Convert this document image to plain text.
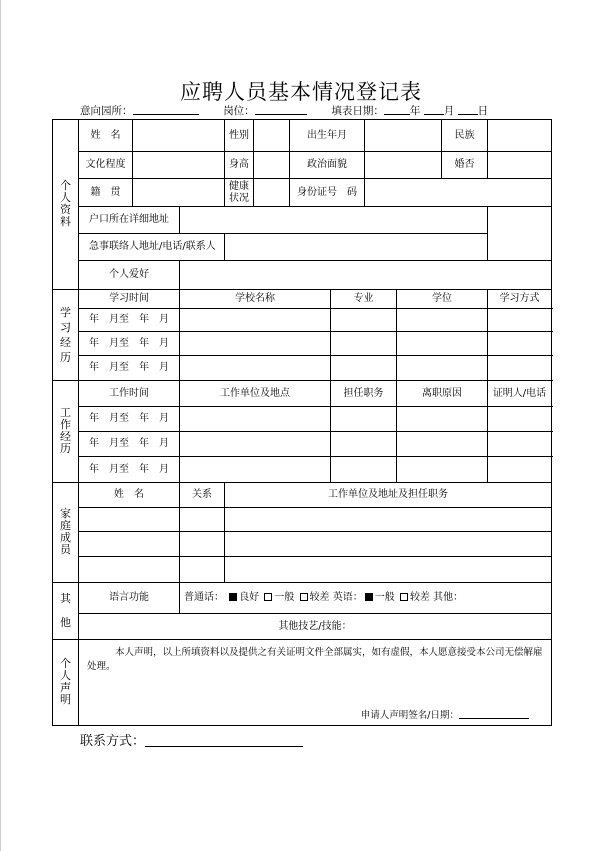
应聘人员基本情况登记表
意向园所：	岗位：	填表日期： 年 月 日
个人资料	姓　名			性别		出生年月				民族		
	文化程度			身高		政治面貌				婚否		
	籍　贯			健康状况		身份证号　码						
	户口所在详细地址											
	急事联络人地址/电话/联系人											
	个人爱好											
学习经历	学习时间		学校名称				专业		学位		学习方式	
	年　月至　年　月											
	年　月至　年　月											
	年　月至　年　月											
工作经历	工作时间		工作单位及地点				担任职务		离职原因		证明人/电话	
	年　月至　年　月											
	年　月至　年　月											
	年　月至　年　月											
家庭成员	姓　名		关系	工作单位及地址及担任职务								

其他	语言功能		普通话： 良好 一般 较差 英语： 一般 较差 其他：									
	其他技艺/技能：											
个人声明	本人声明，以上所填资料以及提供之有关证明文件全部属实，如有虚假，本人愿意接受本公司无偿解雇处理。
申请人声明签名/日期：											
联系方式：
